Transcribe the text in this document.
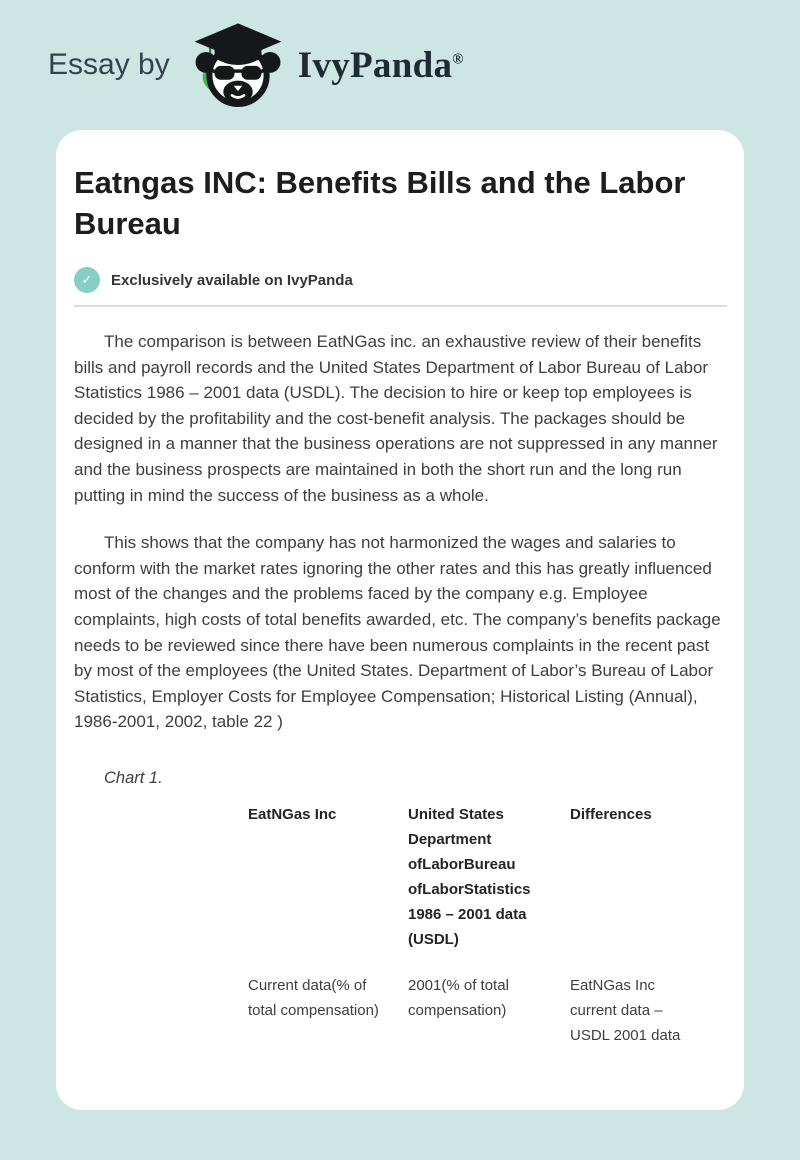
Essay by	IvyPanda®
Eatngas INC: Benefits Bills and the Labor Bureau
✓ Exclusively available on IvyPanda

The comparison is between EatNGas inc. an exhaustive review of their benefits bills and payroll records and the United States Department of Labor Bureau of Labor Statistics 1986 – 2001 data (USDL). The decision to hire or keep top employees is decided by the profitability and the cost-benefit analysis. The packages should be designed in a manner that the business operations are not suppressed in any manner and the business prospects are maintained in both the short run and the long run putting in mind the success of the business as a whole.

This shows that the company has not harmonized the wages and salaries to conform with the market rates ignoring the other rates and this has greatly influenced most of the changes and the problems faced by the company e.g. Employee complaints, high costs of total benefits awarded, etc. The company’s benefits package needs to be reviewed since there have been numerous complaints in the recent past by most of the employees (the United States. Department of Labor’s Bureau of Labor Statistics, Employer Costs for Employee Compensation; Historical Listing (Annual), 1986-2001, 2002, table 22 )

Chart 1.

	EatNGas Inc	United States Department ofLaborBureau ofLaborStatistics 1986 – 2001 data (USDL)	Differences
	Current data(% of total compensation)	2001(% of total compensation)	EatNGas Inc current data – USDL 2001 data
